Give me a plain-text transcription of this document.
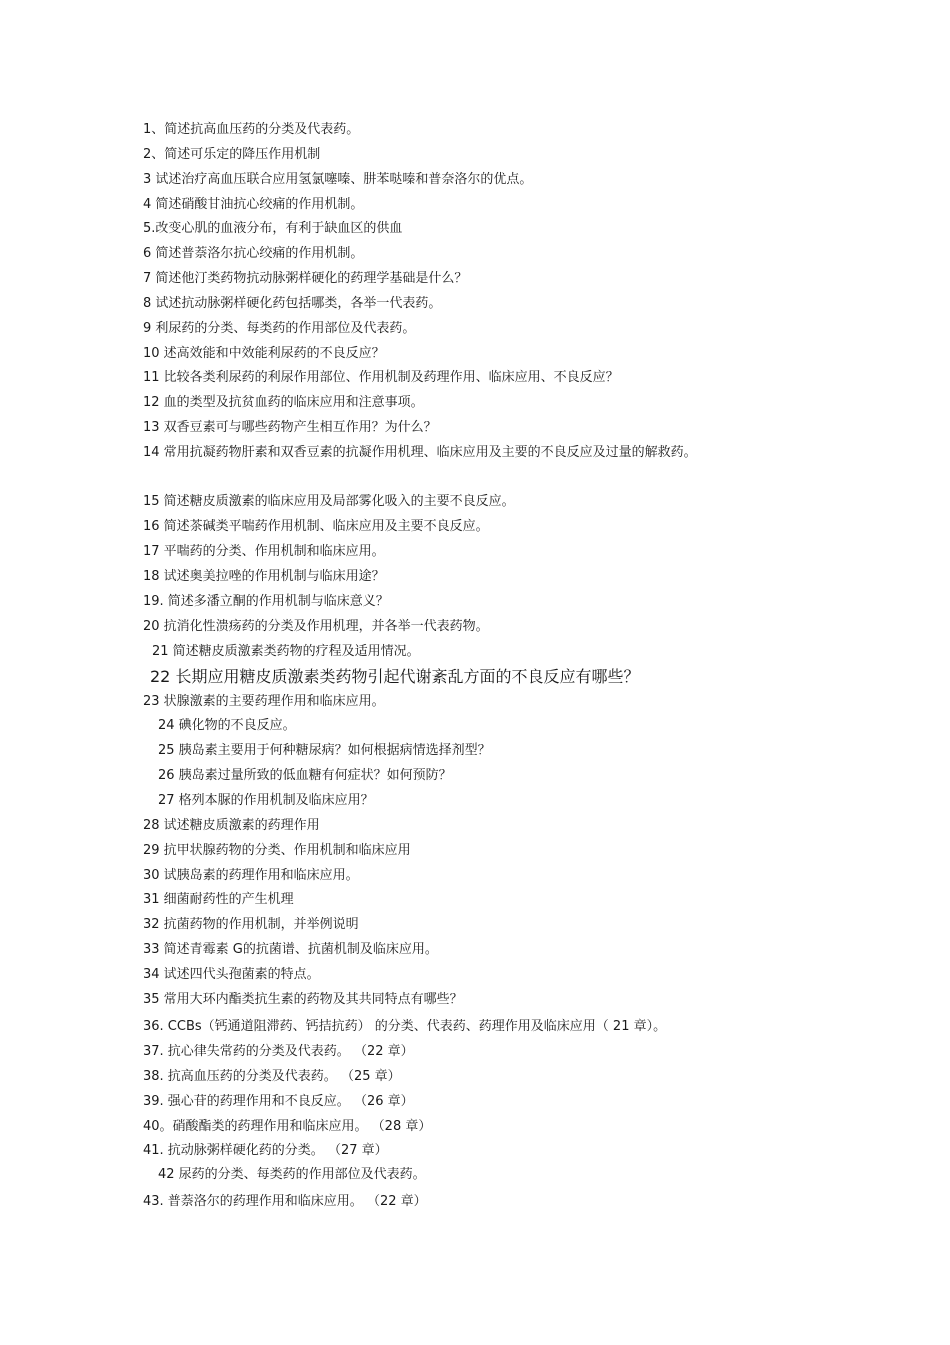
1、简述抗高血压药的分类及代表药。
2、简述可乐定的降压作用机制
3 试述治疗高血压联合应用氢氯噻嗪、肼苯哒嗪和普奈洛尔的优点。
4 简述硝酸甘油抗心绞痛的作用机制。
5.改变心肌的血液分布，有利于缺血区的供血
6 简述普萘洛尔抗心绞痛的作用机制。
7 简述他汀类药物抗动脉粥样硬化的药理学基础是什么？
8 试述抗动脉粥样硬化药包括哪类，各举一代表药。
9 利尿药的分类、每类药的作用部位及代表药。
10 述高效能和中效能利尿药的不良反应？
11 比较各类利尿药的利尿作用部位、作用机制及药理作用、临床应用、不良反应？
12 血的类型及抗贫血药的临床应用和注意事项。
13 双香豆素可与哪些药物产生相互作用？为什么？
14 常用抗凝药物肝素和双香豆素的抗凝作用机理、临床应用及主要的不良反应及过量的解救药。
15 简述糖皮质激素的临床应用及局部雾化吸入的主要不良反应。
16 简述茶碱类平喘药作用机制、临床应用及主要不良反应。
17 平喘药的分类、作用机制和临床应用。
18 试述奥美拉唑的作用机制与临床用途？
19. 简述多潘立酮的作用机制与临床意义？
20 抗消化性溃疡药的分类及作用机理，并各举一代表药物。
21 简述糖皮质激素类药物的疗程及适用情况。
22 长期应用糖皮质激素类药物引起代谢紊乱方面的不良反应有哪些？
23 状腺激素的主要药理作用和临床应用。
24 碘化物的不良反应。
25 胰岛素主要用于何种糖尿病？如何根据病情选择剂型？
26 胰岛素过量所致的低血糖有何症状？如何预防？
27 格列本脲的作用机制及临床应用？
28 试述糖皮质激素的药理作用
29 抗甲状腺药物的分类、作用机制和临床应用
30 试胰岛素的药理作用和临床应用。
31 细菌耐药性的产生机理
32 抗菌药物的作用机制，并举例说明
33 简述青霉素 G的抗菌谱、抗菌机制及临床应用。
34 试述四代头孢菌素的特点。
35 常用大环内酯类抗生素的药物及其共同特点有哪些？
36. CCBs（钙通道阻滞药、钙拮抗药） 的分类、代表药、药理作用及临床应用（ 21 章）。
37. 抗心律失常药的分类及代表药。 （22 章）
38. 抗高血压药的分类及代表药。 （25 章）
39. 强心苷的药理作用和不良反应。 （26 章）
40。硝酸酯类的药理作用和临床应用。 （28 章）
41. 抗动脉粥样硬化药的分类。 （27 章）
42 尿药的分类、每类药的作用部位及代表药。
43. 普萘洛尔的药理作用和临床应用。 （22 章）
